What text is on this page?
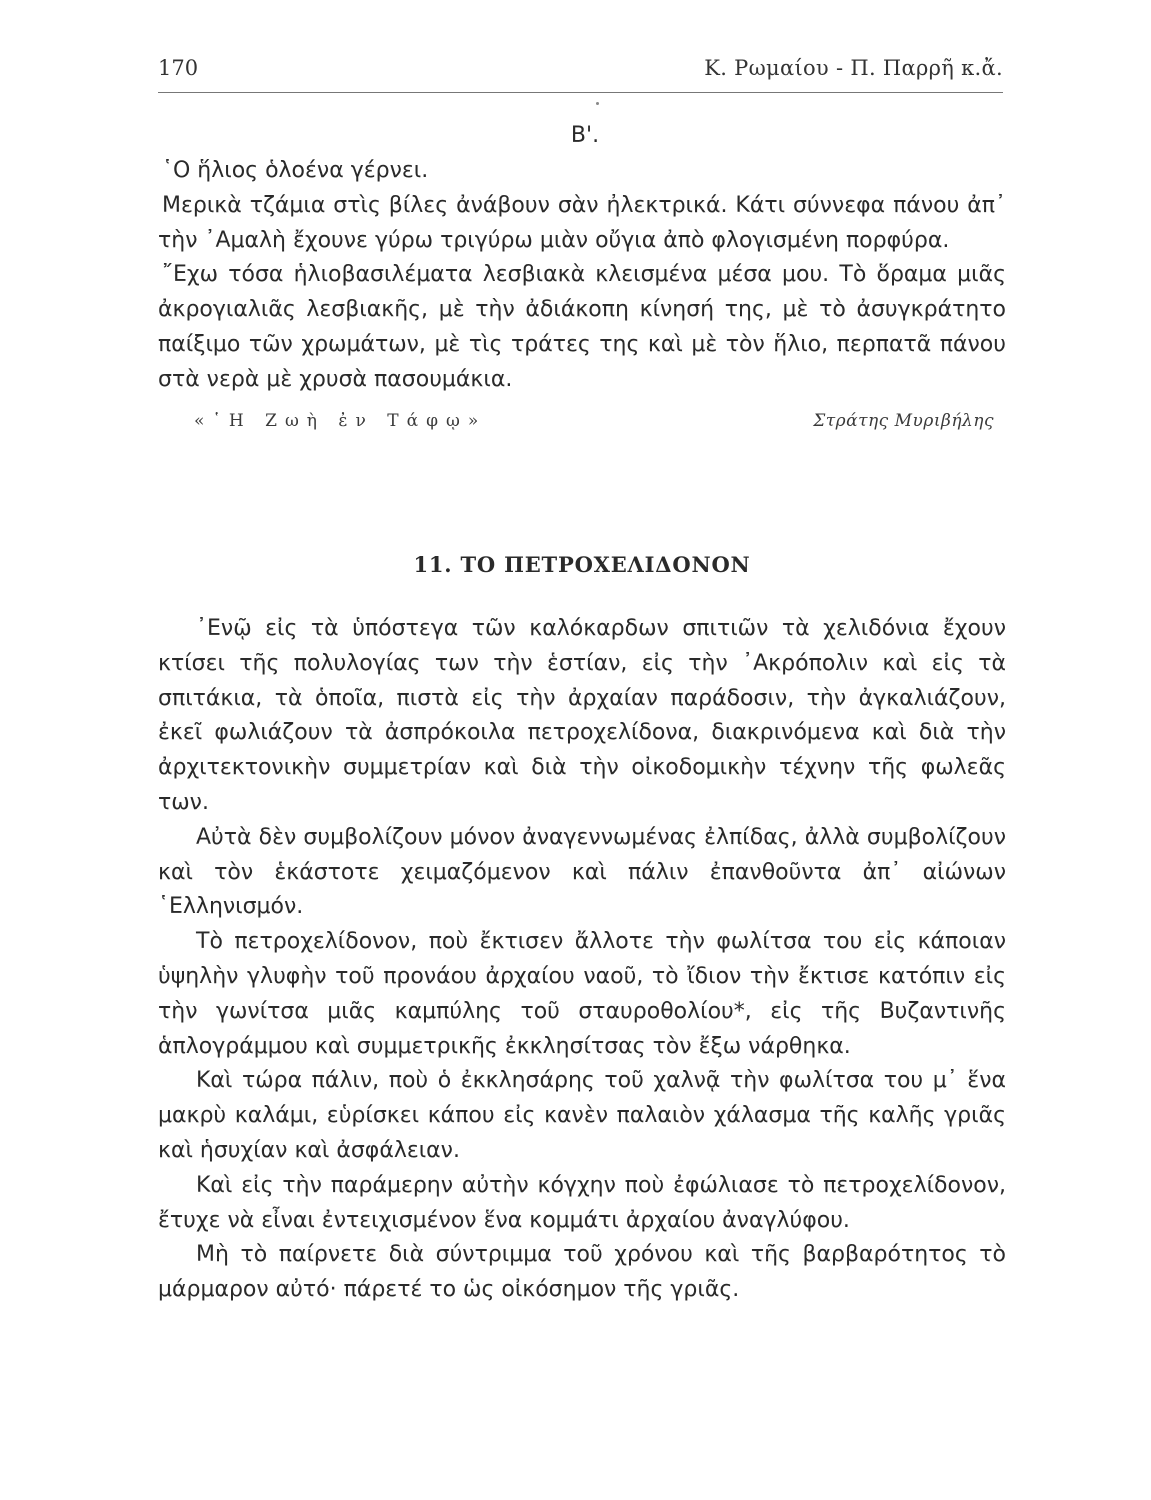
170	Κ. Ρωμαίου - Π. Παρρῆ κ.ἄ.
Β'.

῾Ο ἥλιος ὁλοένα γέρνει.

Μερικὰ τζάμια στὶς βίλες ἀνάβουν σὰν ἠλεκτρικά. Κάτι σύννεφα πάνου ἀπ᾿ τὴν ᾿Αμαλὴ ἔχουνε γύρω τριγύρω μιὰν οὔγια ἀπὸ φλογισμένη πορφύρα.

῎Εχω τόσα ἡλιοβασιλέματα λεσβιακὰ κλεισμένα μέσα μου. Τὸ ὅραμα μιᾶς ἀκρογιαλιᾶς λεσβιακῆς, μὲ τὴν ἀδιάκοπη κίνησή της, μὲ τὸ ἀσυγκράτητο παίξιμο τῶν χρωμάτων, μὲ τὶς τράτες της καὶ μὲ τὸν ἥλιο, περπατᾶ πάνου στὰ νερὰ μὲ χρυσὰ πασουμάκια.

«῾Η Ζωὴ ἐν Τάφῳ»	Στράτης Μυριβήλης
11. ΤΟ ΠΕΤΡΟΧΕΛΙΔΟΝΟΝ

᾿Ενῷ εἰς τὰ ὑπόστεγα τῶν καλόκαρδων σπιτιῶν τὰ χελιδόνια ἔχουν κτίσει τῆς πολυλογίας των τὴν ἑστίαν, εἰς τὴν ᾿Ακρόπολιν καὶ εἰς τὰ σπιτάκια, τὰ ὁποῖα, πιστὰ εἰς τὴν ἀρχαίαν παράδοσιν, τὴν ἀγκαλιάζουν, ἐκεῖ φωλιάζουν τὰ ἀσπρόκοιλα πετροχελίδονα, διακρινόμενα καὶ διὰ τὴν ἀρχιτεκτονικὴν συμμετρίαν καὶ διὰ τὴν οἰκοδομικὴν τέχνην τῆς φωλεᾶς των.

Αὐτὰ δὲν συμβολίζουν μόνον ἀναγεννωμένας ἐλπίδας, ἀλλὰ συμβολίζουν καὶ τὸν ἑκάστοτε χειμαζόμενον καὶ πάλιν ἐπανθοῦντα ἀπ᾿ αἰώνων ῾Ελληνισμόν.

Τὸ πετροχελίδονον, ποὺ ἔκτισεν ἄλλοτε τὴν φωλίτσα του εἰς κάποιαν ὑψηλὴν γλυφὴν τοῦ προνάου ἀρχαίου ναοῦ, τὸ ἴδιον τὴν ἔκτισε κατόπιν εἰς τὴν γωνίτσα μιᾶς καμπύλης τοῦ σταυροθολίου*, εἰς τῆς Βυζαντινῆς ἁπλογράμμου καὶ συμμετρικῆς ἐκκλησίτσας τὸν ἔξω νάρθηκα.

Καὶ τώρα πάλιν, ποὺ ὁ ἐκκλησάρης τοῦ χαλνᾷ τὴν φωλίτσα του μ᾿ ἕνα μακρὺ καλάμι, εὑρίσκει κάπου εἰς κανὲν παλαιὸν χάλασμα τῆς καλῆς γριᾶς καὶ ἡσυχίαν καὶ ἀσφάλειαν.

Καὶ εἰς τὴν παράμερην αὐτὴν κόγχην ποὺ ἐφώλιασε τὸ πετροχελίδονον, ἔτυχε νὰ εἶναι ἐντειχισμένον ἕνα κομμάτι ἀρχαίου ἀναγλύφου.

Μὴ τὸ παίρνετε διὰ σύντριμμα τοῦ χρόνου καὶ τῆς βαρβαρότητος τὸ μάρμαρον αὐτό· πάρετέ το ὡς οἰκόσημον τῆς γριᾶς.
